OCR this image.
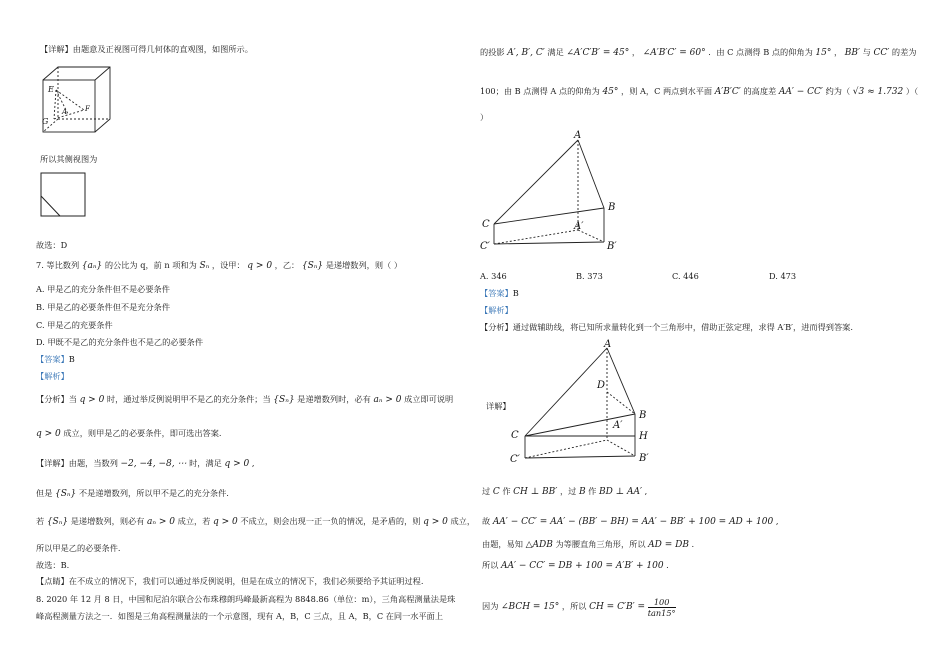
【详解】由题意及正视图可得几何体的直观图，如图所示。
E
G
A	F
所以其侧视图为
故选：D
7. 等比数列 {aₙ} 的公比为 q，前 n 项和为 Sₙ ，设甲： q > 0 ，乙： {Sₙ} 是递增数列，则（ ）
A. 甲是乙的充分条件但不是必要条件
B. 甲是乙的必要条件但不是充分条件
C. 甲是乙的充要条件
D. 甲既不是乙的充分条件也不是乙的必要条件
【答案】B
【解析】
【分析】当 q > 0 时，通过举反例说明甲不是乙的充分条件；当 {Sₙ} 是递增数列时，必有 aₙ > 0 成立即可说明
q > 0 成立，则甲是乙的必要条件，即可选出答案.
【详解】由题，当数列 −2, −4, −8, ⋯ 时，满足 q > 0 ,
但是 {Sₙ} 不是递增数列，所以甲不是乙的充分条件.
若 {Sₙ} 是递增数列，则必有 aₙ > 0 成立，若 q > 0 不成立，则会出现一正一负的情况，是矛盾的，则 q > 0 成立，
所以甲是乙的必要条件.
故选：B.
【点睛】在不成立的情况下，我们可以通过举反例说明，但是在成立的情况下，我们必须要给予其证明过程.
8. 2020 年 12 月 8 日，中国和尼泊尔联合公布珠穆朗玛峰最新高程为 8848.86（单位：m），三角高程测量法是珠
峰高程测量方法之一．如图是三角高程测量法的一个示意图，现有 A，B，C 三点，且 A，B，C 在同一水平面上
的投影 A′, B′, C′ 满足 ∠A′C′B′ = 45° ， ∠A′B′C′ = 60° ．由 C 点测得 B 点的仰角为 15° ， BB′ 与 CC′ 的差为
100；由 B 点测得 A 点的仰角为 45° ，则 A，C 两点到水平面 A′B′C′ 的高度差 AA′ − CC′ 约为（ √3 ≈ 1.732 ）（
）
A
B
C
C′
A′
B′
A. 346	B. 373	C. 446	D. 473
【答案】B
【解析】
【分析】通过做辅助线，将已知所求量转化到一个三角形中，借助正弦定理，求得 A′B′，进而得到答案.
详解】
A
D
B
H
C
C′
A′
B′
过 C 作 CH ⊥ BB′ ，过 B 作 BD ⊥ AA′ ,
故 AA′ − CC′ = AA′ − (BB′ − BH) = AA′ − BB′ + 100 = AD + 100 ,
由题，易知 △ADB 为等腰直角三角形，所以 AD = DB .
所以 AA′ − CC′ = DB + 100 = A′B′ + 100 .
因为 ∠BCH = 15° ，所以 CH = $C'B' = \frac{100}{\tan 15^\circ}$
